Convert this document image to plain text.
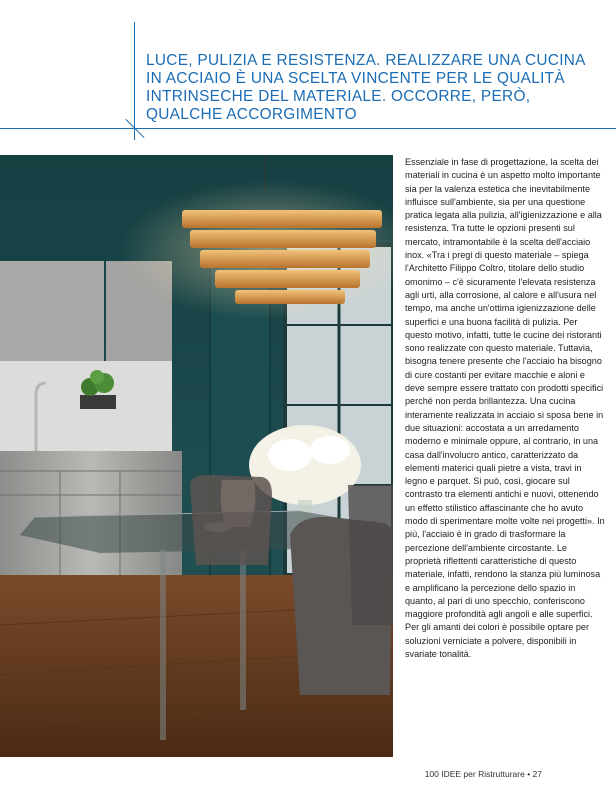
LUCE, PULIZIA E RESISTENZA. REALIZZARE UNA CUCINA IN ACCIAIO È UNA SCELTA VINCENTE PER LE QUALITÀ INTRINSECHE DEL MATERIALE. OCCORRE, PERÒ, QUALCHE ACCORGIMENTO

Essenziale in fase di progettazione, la scelta dei materiali in cucina è un aspetto molto importante sia per la valenza estetica che inevitabilmente influisce sull'ambiente, sia per una questione pratica legata alla pulizia, all'igienizzazione e alla resistenza. Tra tutte le opzioni presenti sul mercato, intramontabile è la scelta dell'acciaio inox. «Tra i pregi di questo materiale – spiega l'Architetto Filippo Coltro, titolare dello studio omonimo – c'è sicuramente l'elevata resistenza agli urti, alla corrosione, al calore e all'usura nel tempo, ma anche un'ottima igienizzazione delle superfici e una buona facilità di pulizia. Per questo motivo, infatti, tutte le cucine dei ristoranti sono realizzate con questo materiale. Tuttavia, bisogna tenere presente che l'acciaio ha bisogno di cure costanti per evitare macchie e aloni e deve sempre essere trattato con prodotti specifici perché non perda brillantezza. Una cucina interamente realizzata in acciaio si sposa bene in due situazioni: accostata a un arredamento moderno e minimale oppure, al contrario, in una casa dall'involucro antico, caratterizzato da elementi materici quali pietre a vista, travi in legno e parquet. Si può, così, giocare sul contrasto tra elementi antichi e nuovi, ottenendo un effetto stilistico affascinante che ho avuto modo di sperimentare molte volte nei progetti». In più, l'acciaio è in grado di trasformare la percezione dell'ambiente circostante. Le proprietà riflettenti caratteristiche di questo materiale, infatti, rendono la stanza più luminosa e amplificano la percezione dello spazio in quanto, al pari di uno specchio, conferiscono maggiore profondità agli angoli e alle superfici. Per gli amanti dei colori è possibile optare per soluzioni verniciate a polvere, disponibili in svariate tonalità.

100 IDEE per Ristrutturare • 27
